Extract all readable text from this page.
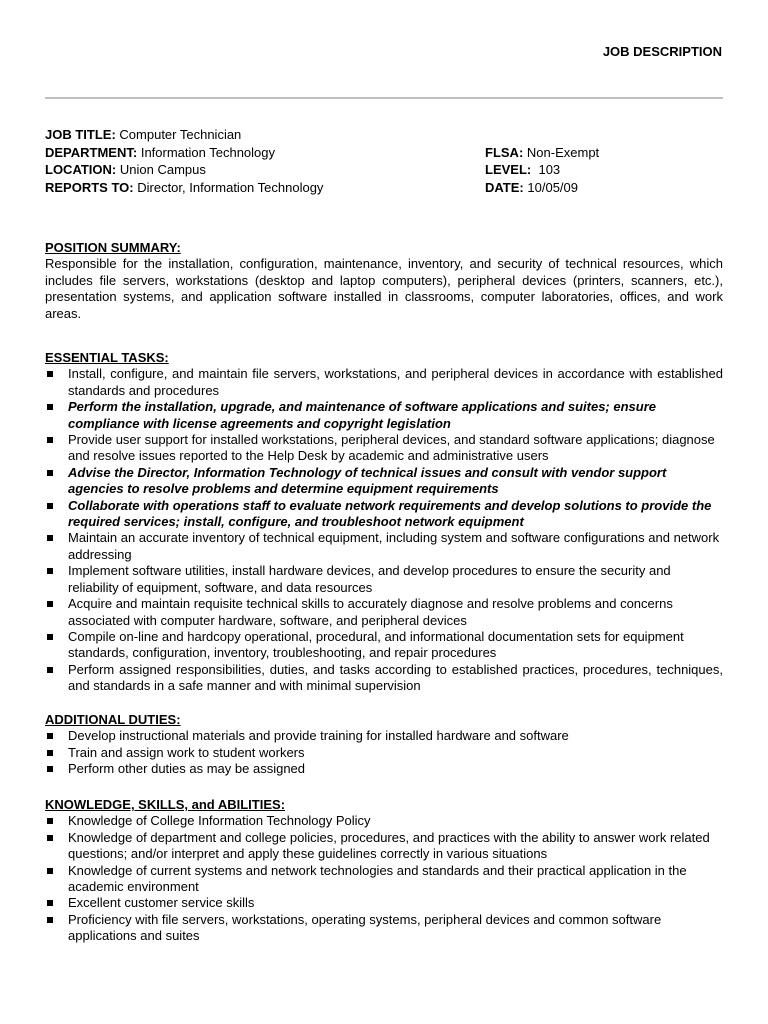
JOB DESCRIPTION
JOB TITLE: Computer Technician
DEPARTMENT: Information Technology	FLSA: Non-Exempt
LOCATION: Union Campus	LEVEL:  103
REPORTS TO: Director, Information Technology	DATE: 10/05/09
POSITION SUMMARY:
Responsible for the installation, configuration, maintenance, inventory, and security of technical resources, which includes file servers, workstations (desktop and laptop computers), peripheral devices (printers, scanners, etc.), presentation systems, and application software installed in classrooms, computer laboratories, offices, and work areas.
ESSENTIAL TASKS:
Install, configure, and maintain file servers, workstations, and peripheral devices in accordance with established standards and procedures
Perform the installation, upgrade, and maintenance of software applications and suites; ensure compliance with license agreements and copyright legislation
Provide user support for installed workstations, peripheral devices, and standard software applications; diagnose and resolve issues reported to the Help Desk by academic and administrative users
Advise the Director, Information Technology of technical issues and consult with vendor support agencies to resolve problems and determine equipment requirements
Collaborate with operations staff to evaluate network requirements and develop solutions to provide the required services; install, configure, and troubleshoot network equipment
Maintain an accurate inventory of technical equipment, including system and software configurations and network addressing
Implement software utilities, install hardware devices, and develop procedures to ensure the security and reliability of equipment, software, and data resources
Acquire and maintain requisite technical skills to accurately diagnose and resolve problems and concerns associated with computer hardware, software, and peripheral devices
Compile on-line and hardcopy operational, procedural, and informational documentation sets for equipment standards, configuration, inventory, troubleshooting, and repair procedures
Perform assigned responsibilities, duties, and tasks according to established practices, procedures, techniques, and standards in a safe manner and with minimal supervision
ADDITIONAL DUTIES:
Develop instructional materials and provide training for installed hardware and software
Train and assign work to student workers
Perform other duties as may be assigned
KNOWLEDGE, SKILLS, and ABILITIES:
Knowledge of College Information Technology Policy
Knowledge of department and college policies, procedures, and practices with the ability to answer work related questions; and/or interpret and apply these guidelines correctly in various situations
Knowledge of current systems and network technologies and standards and their practical application in the academic environment
Excellent customer service skills
Proficiency with file servers, workstations, operating systems, peripheral devices and common software applications and suites
